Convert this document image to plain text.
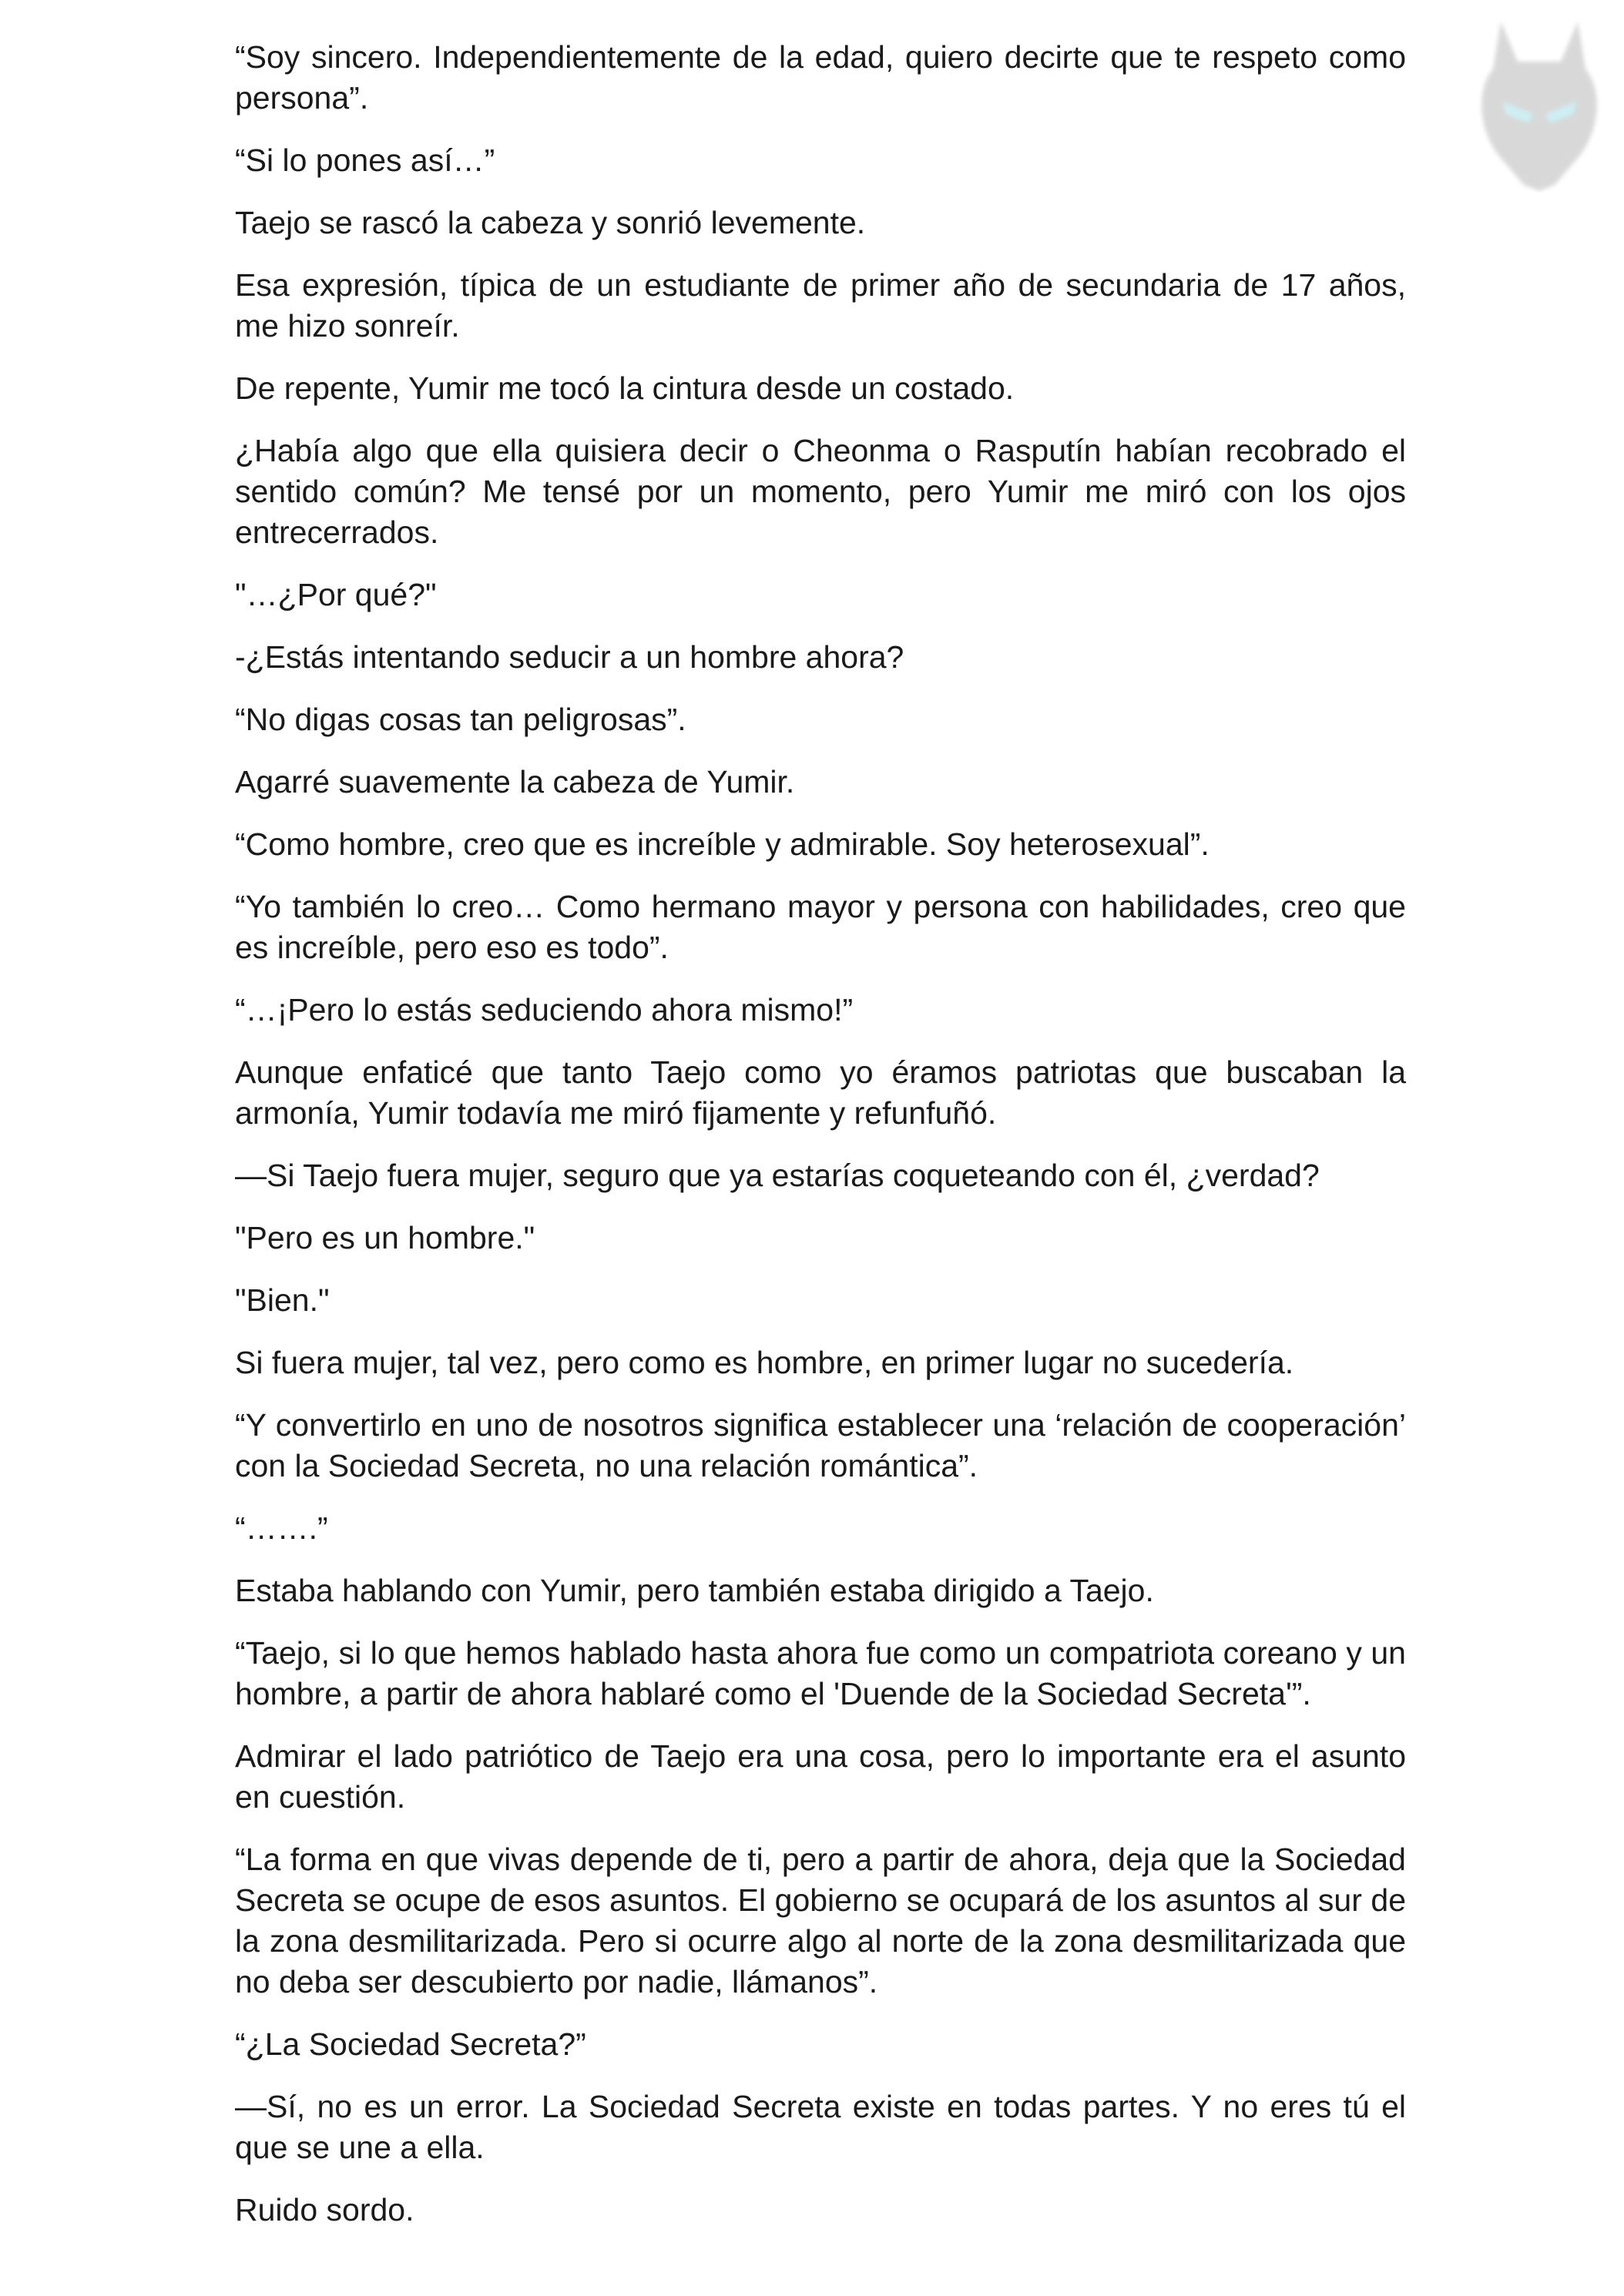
“Soy sincero. Independientemente de la edad, quiero decirte que te respeto como persona”.

“Si lo pones así…”

Taejo se rascó la cabeza y sonrió levemente.

Esa expresión, típica de un estudiante de primer año de secundaria de 17 años, me hizo sonreír.

De repente, Yumir me tocó la cintura desde un costado.

¿Había algo que ella quisiera decir o Cheonma o Rasputín habían recobrado el sentido común? Me tensé por un momento, pero Yumir me miró con los ojos entrecerrados.

"…¿Por qué?"

-¿Estás intentando seducir a un hombre ahora?

“No digas cosas tan peligrosas”.

Agarré suavemente la cabeza de Yumir.

“Como hombre, creo que es increíble y admirable. Soy heterosexual”.

“Yo también lo creo… Como hermano mayor y persona con habilidades, creo que es increíble, pero eso es todo”.

“…¡Pero lo estás seduciendo ahora mismo!”

Aunque enfaticé que tanto Taejo como yo éramos patriotas que buscaban la armonía, Yumir todavía me miró fijamente y refunfuñó.

—Si Taejo fuera mujer, seguro que ya estarías coqueteando con él, ¿verdad?

"Pero es un hombre."

"Bien."

Si fuera mujer, tal vez, pero como es hombre, en primer lugar no sucedería.

“Y convertirlo en uno de nosotros significa establecer una ‘relación de cooperación’ con la Sociedad Secreta, no una relación romántica”.

“…….”

Estaba hablando con Yumir, pero también estaba dirigido a Taejo.

“Taejo, si lo que hemos hablado hasta ahora fue como un compatriota coreano y un hombre, a partir de ahora hablaré como el 'Duende de la Sociedad Secreta'”.

Admirar el lado patriótico de Taejo era una cosa, pero lo importante era el asunto en cuestión.

“La forma en que vivas depende de ti, pero a partir de ahora, deja que la Sociedad Secreta se ocupe de esos asuntos. El gobierno se ocupará de los asuntos al sur de la zona desmilitarizada. Pero si ocurre algo al norte de la zona desmilitarizada que no deba ser descubierto por nadie, llámanos”.

“¿La Sociedad Secreta?”

—Sí, no es un error. La Sociedad Secreta existe en todas partes. Y no eres tú el que se une a ella.

Ruido sordo.
